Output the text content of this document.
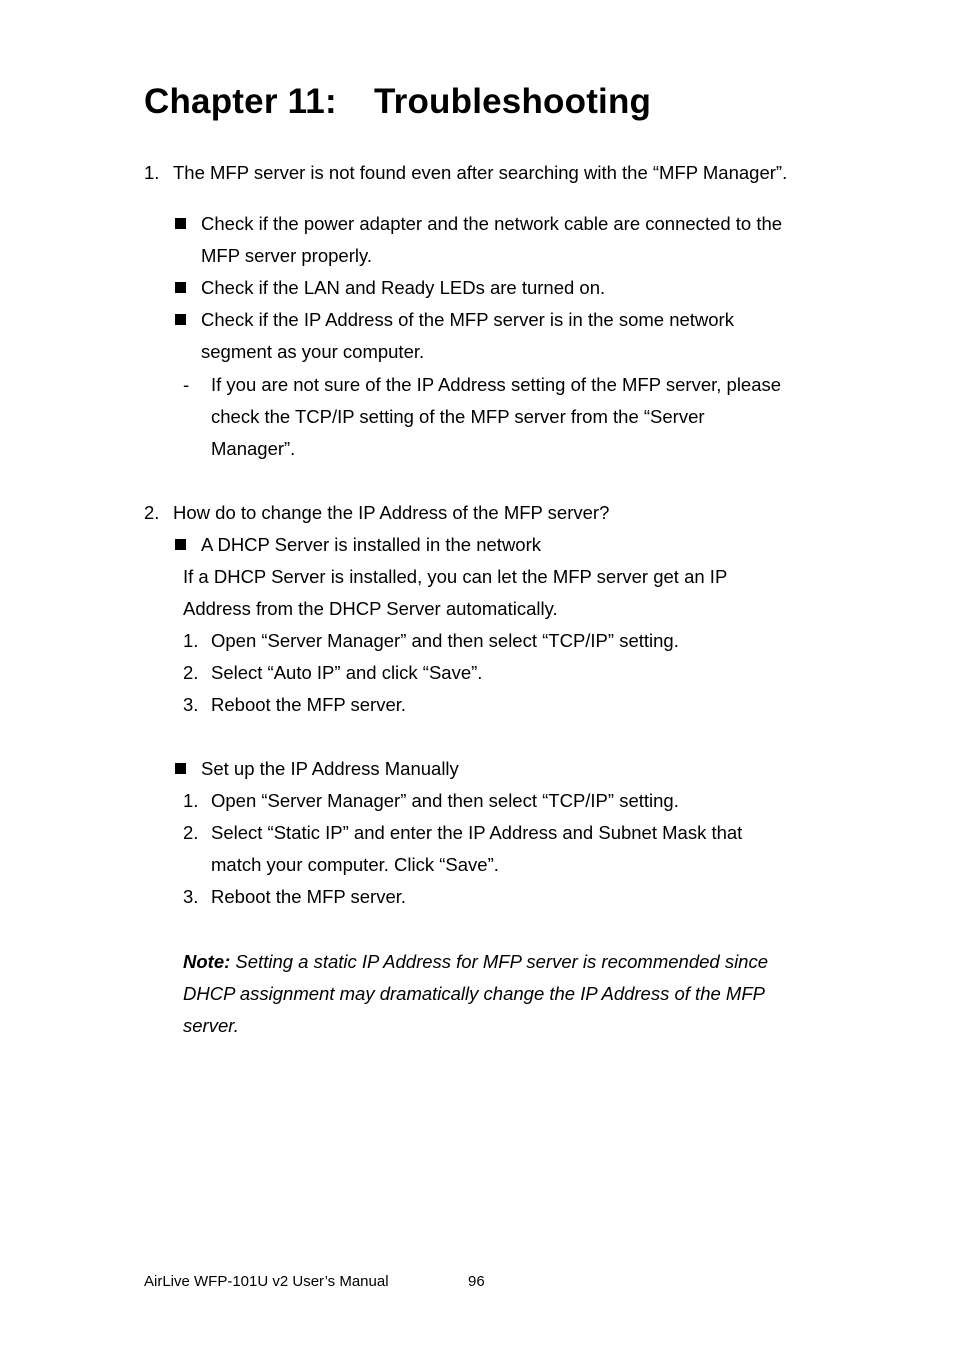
Chapter 11: Troubleshooting
1. The MFP server is not found even after searching with the “MFP Manager”.
Check if the power adapter and the network cable are connected to the
MFP server properly.
Check if the LAN and Ready LEDs are turned on.
Check if the IP Address of the MFP server is in the some network
segment as your computer.
- If you are not sure of the IP Address setting of the MFP server, please
check the TCP/IP setting of the MFP server from the “Server
Manager”.
2. How do to change the IP Address of the MFP server?
A DHCP Server is installed in the network
If a DHCP Server is installed, you can let the MFP server get an IP
Address from the DHCP Server automatically.
1. Open “Server Manager” and then select “TCP/IP” setting.
2. Select “Auto IP” and click “Save”.
3. Reboot the MFP server.
Set up the IP Address Manually
1. Open “Server Manager” and then select “TCP/IP” setting.
2. Select “Static IP” and enter the IP Address and Subnet Mask that
match your computer. Click “Save”.
3. Reboot the MFP server.
Note: Setting a static IP Address for MFP server is recommended since
DHCP assignment may dramatically change the IP Address of the MFP
server.
AirLive WFP-101U v2 User’s Manual	96
